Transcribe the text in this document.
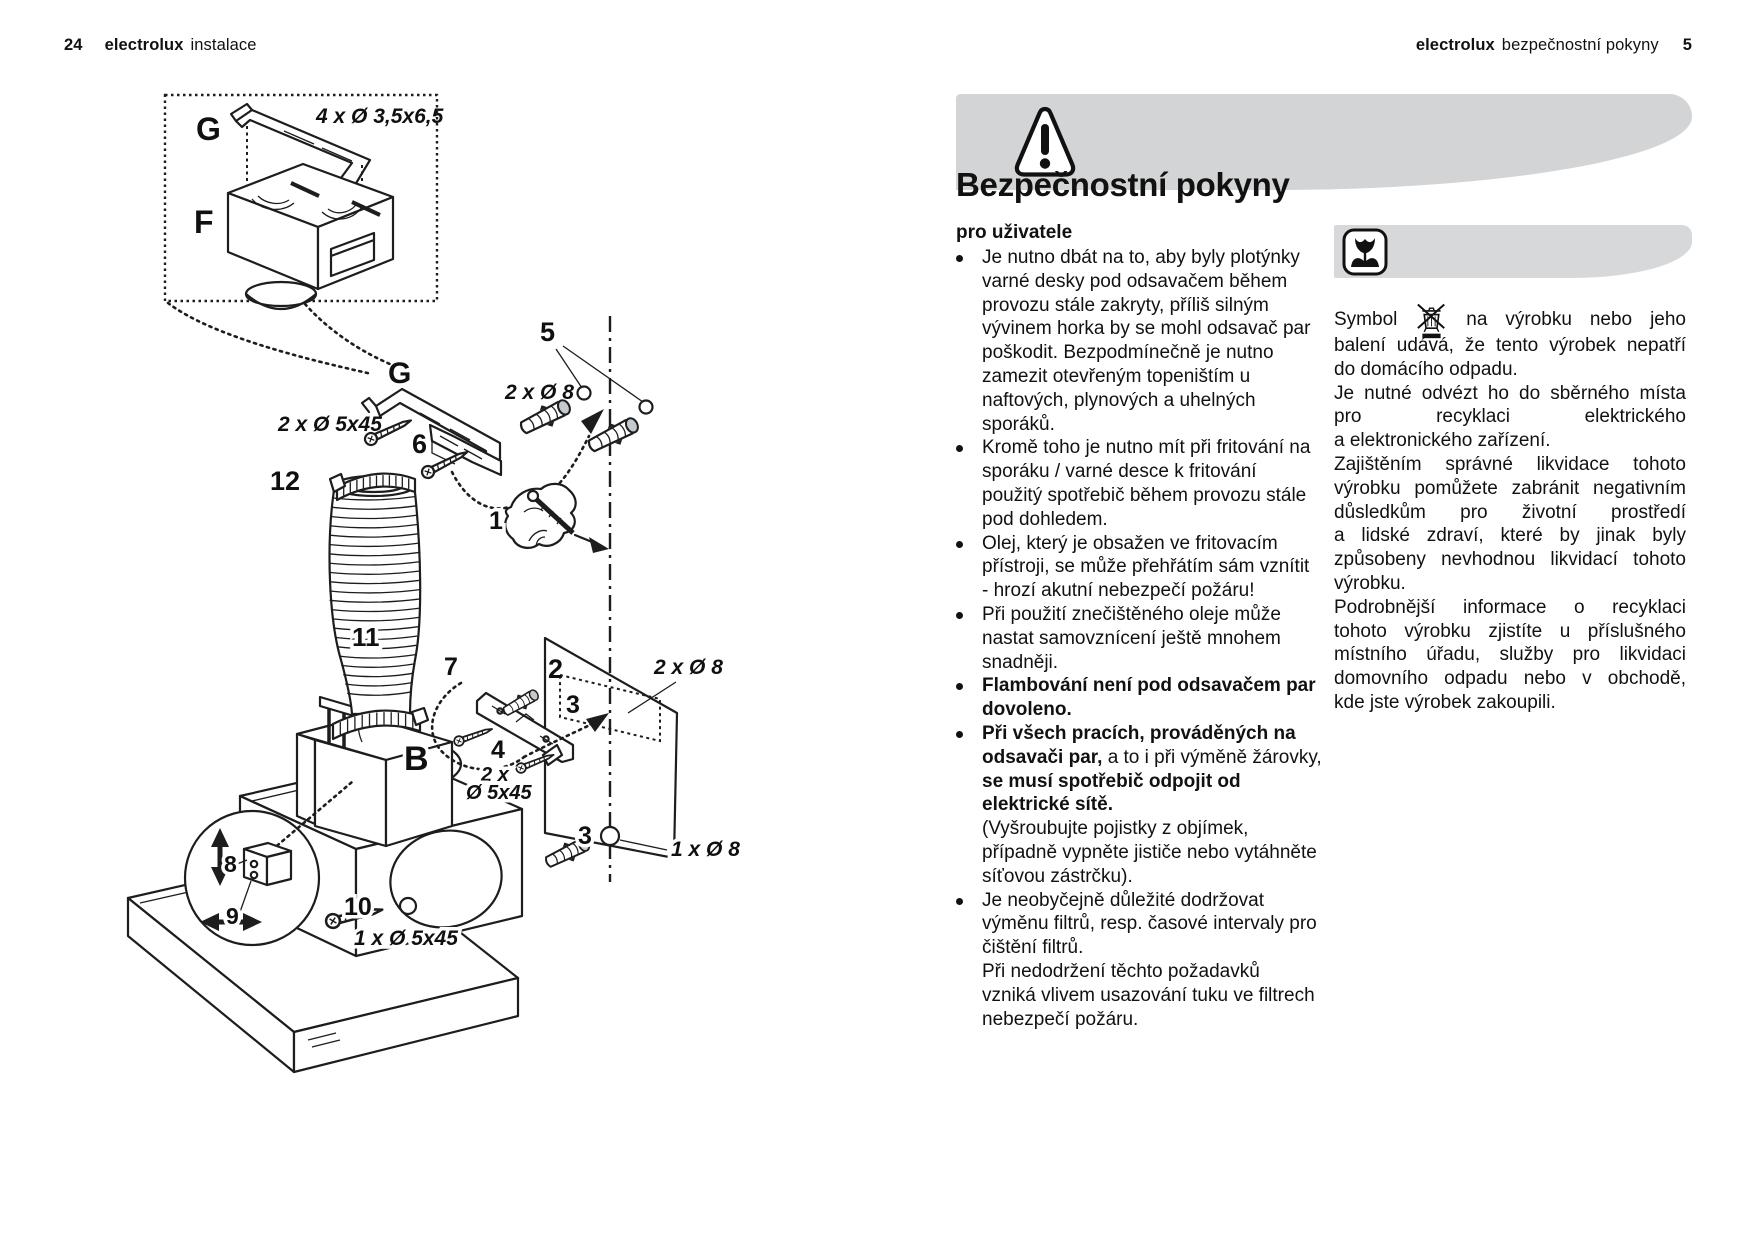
24 electrolux instalace	electrolux bezpečnostní pokyny 5
G	4 x Ø 3,5x6,5
F
G
2 x Ø 5x45
6
5
2 x Ø 8
12
11
1
7	2
3
2 x Ø 8
B 4
2 x
Ø 5x45
3	1 x Ø 8
8
9	10
1 x Ø 5x45
Bezpečnostní pokyny
pro uživatele
Je nutno dbát na to, aby byly plotýnky
varné desky pod odsavačem během
provozu stále zakryty, příliš silným
vývinem horka by se mohl odsavač par
poškodit. Bezpodmínečně je nutno
zamezit otevřeným topeništím u
naftových, plynových a uhelných
sporáků.
Kromě toho je nutno mít při fritování na
sporáku / varné desce k fritování
použitý spotřebič během provozu stále
pod dohledem.
Olej, který je obsažen ve fritovacím
přístroji, se může přehřátím sám vznítit
- hrozí akutní nebezpečí požáru!
Při použití znečištěného oleje může
nastat samovznícení ještě mnohem
snadněji.
Flambování není pod odsavačem par
dovoleno.
Při všech pracích, prováděných na
odsavači par, a to i při výměně žárovky,
se musí spotřebič odpojit od
elektrické sítě.
(Vyšroubujte pojistky z objímek,
případně vypněte jističe nebo vytáhněte
síťovou zástrčku).
Je neobyčejně důležité dodržovat
výměnu filtrů, resp. časové intervaly pro
čištění filtrů.
Při nedodržení těchto požadavků
vzniká vlivem usazování tuku ve filtrech
nebezpečí požáru.
Symbol	na výrobku nebo jeho
balení udává, že tento výrobek nepatří
do domácího odpadu.
Je nutné odvézt ho do sběrného místa
pro recyklaci elektrického
a elektronického zařízení.
Zajištěním správné likvidace tohoto
výrobku pomůžete zabránit negativním
důsledkům pro životní prostředí
a lidské zdraví, které by jinak byly
způsobeny nevhodnou likvidací tohoto
výrobku.
Podrobnější informace o recyklaci
tohoto výrobku zjistíte u příslušného
místního úřadu, služby pro likvidaci
domovního odpadu nebo v obchodě,
kde jste výrobek zakoupili.
